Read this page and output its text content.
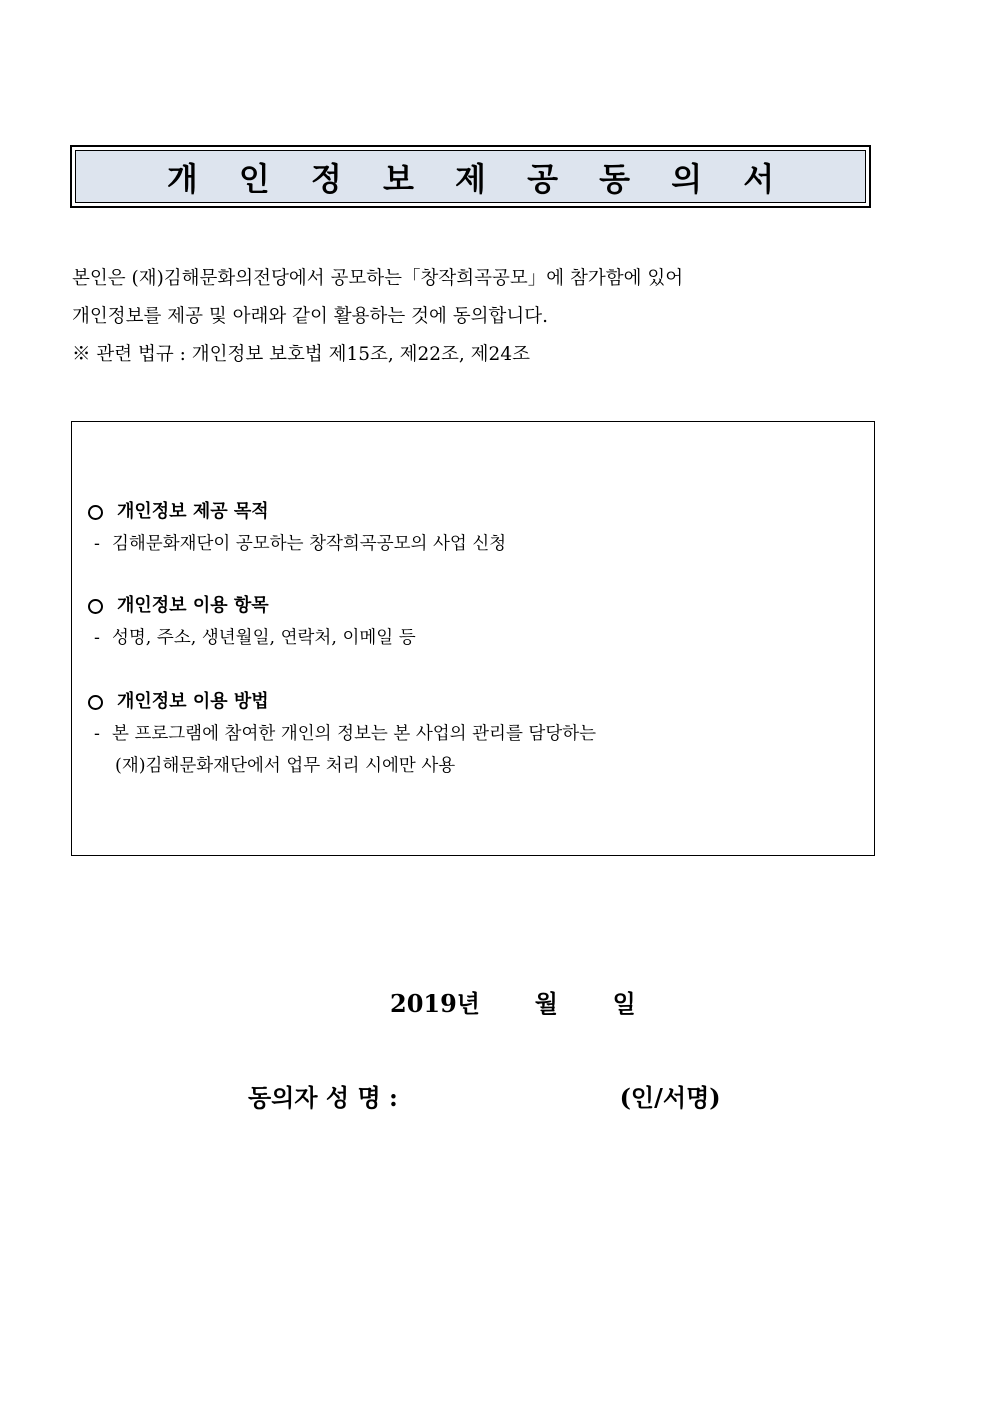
개 인 정 보 제 공 동 의 서
본인은 (재)김해문화의전당에서 공모하는「창작희곡공모」에 참가함에 있어
개인정보를 제공 및 아래와 같이 활용하는 것에 동의합니다.
※ 관련 법규 : 개인정보 보호법 제15조, 제22조, 제24조
개인정보 제공 목적
- 김해문화재단이 공모하는 창작희곡공모의 사업 신청
개인정보 이용 항목
- 성명, 주소, 생년월일, 연락처, 이메일 등
개인정보 이용 방법
- 본 프로그램에 참여한 개인의 정보는 본 사업의 관리를 담당하는
(재)김해문화재단에서 업무 처리 시에만 사용
2019년 월 일
동의자 성 명 :	(인/서명)
